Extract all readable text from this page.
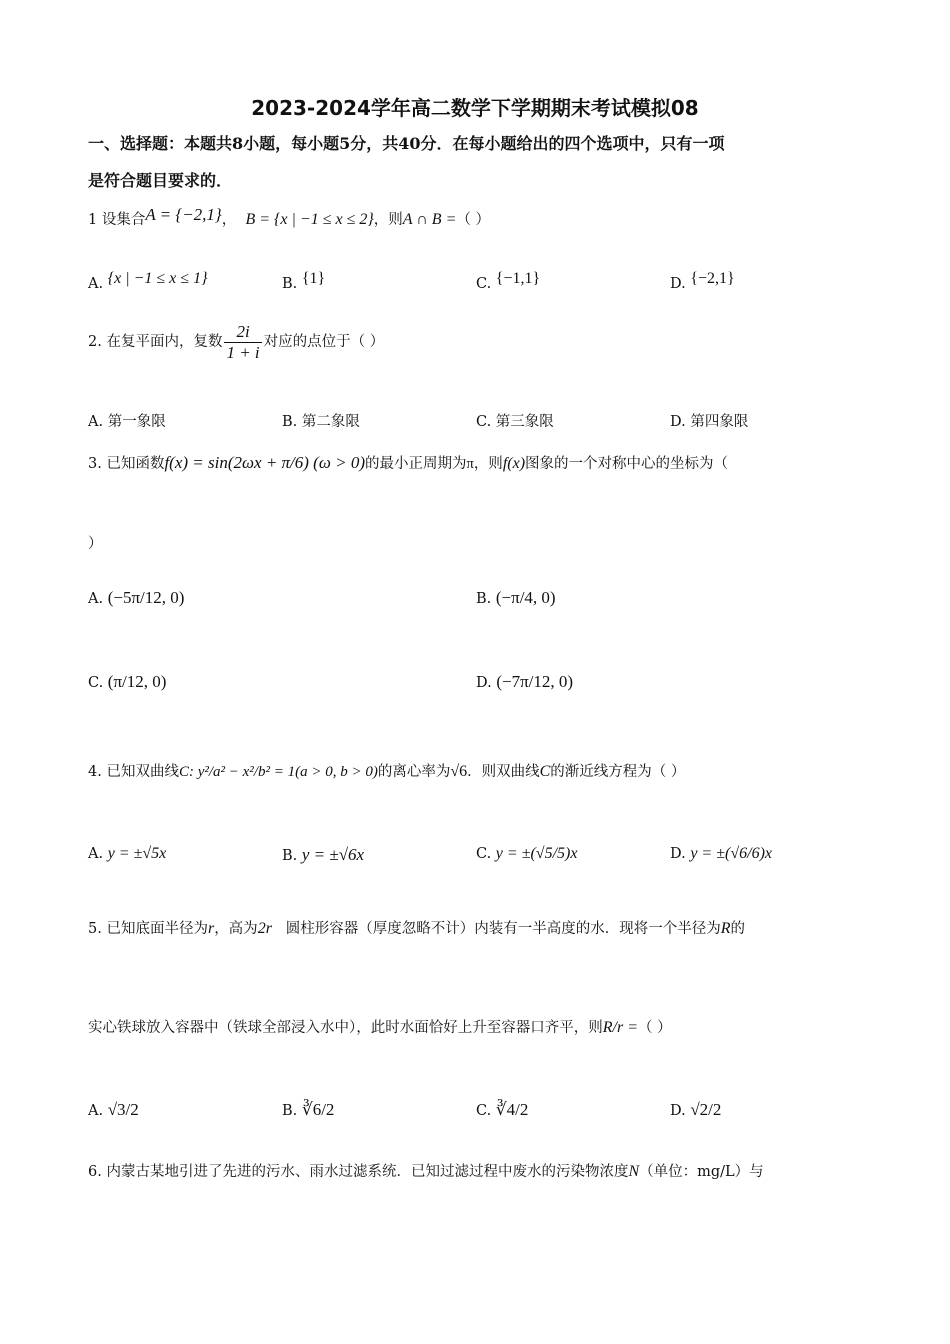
2023-2024学年高二数学下学期期末考试模拟08
一、选择题：本题共8小题，每小题5分，共40分．在每小题给出的四个选项中，只有一项
是符合题目要求的．
1 设集合A = {−2,1}， B = {x | −1 ≤ x ≤ 2}，则A ∩ B =（ ）
A. {x | −1 ≤ x ≤ 1}	B. {1}	C. {−1,1}	D. {−2,1}
2. 在复平面内，复数 $\frac{2i}{1 + i}$ 对应的点位于（ ）
A. 第一象限	B. 第二象限	C. 第三象限	D. 第四象限
3. 已知函数f(x) = sin(2ωx + π/6) (ω > 0)的最小正周期为π，则f(x)图象的一个对称中心的坐标为（
）
A. (−5π/12, 0)	B. (−π/4, 0)
C. (π/12, 0)	D. (−7π/12, 0)
4. 已知双曲线C: y²/a² − x²/b² = 1(a > 0, b > 0)的离心率为√6．则双曲线C的渐近线方程为（ ）
A. y = ±√5x	B. y = ±√6x	C. y = ±(√5/5)x	D. y = ±(√6/6)x
5. 已知底面半径为r，高为2r 圆柱形容器（厚度忽略不计）内装有一半高度的水．现将一个半径为R的
实心铁球放入容器中（铁球全部浸入水中），此时水面恰好上升至容器口齐平，则R/r =（ ）
A. √3/2	B. ∛6/2	C. ∛4/2	D. √2/2
6. 内蒙古某地引进了先进的污水、雨水过滤系统．已知过滤过程中废水的污染物浓度N（单位：mg/L）与
